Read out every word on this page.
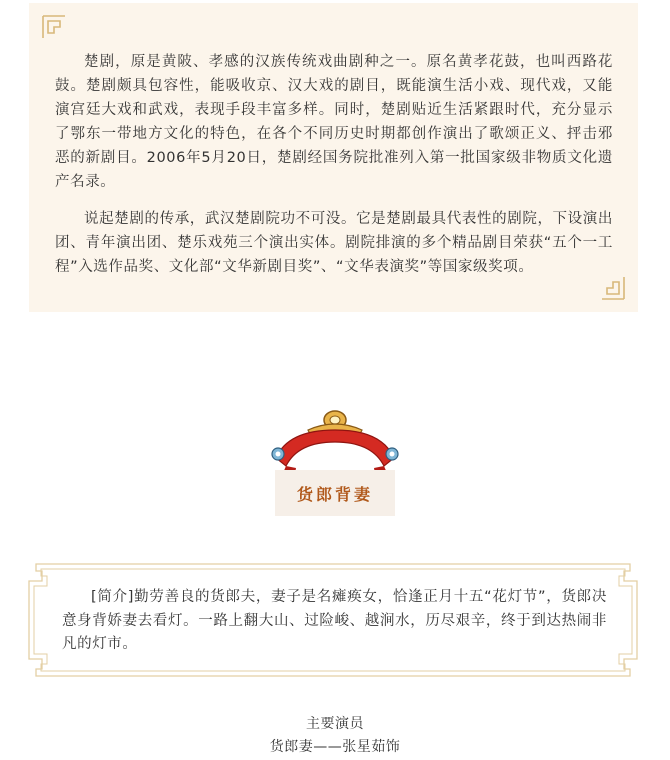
楚剧，原是黄陂、孝感的汉族传统戏曲剧种之一。原名黄孝花鼓，也叫西路花鼓。楚剧颇具包容性，能吸收京、汉大戏的剧目，既能演生活小戏、现代戏，又能演宫廷大戏和武戏，表现手段丰富多样。同时，楚剧贴近生活紧跟时代，充分显示了鄂东一带地方文化的特色，在各个不同历史时期都创作演出了歌颂正义、抨击邪恶的新剧目。2006年5月20日，楚剧经国务院批准列入第一批国家级非物质文化遗产名录。

说起楚剧的传承，武汉楚剧院功不可没。它是楚剧最具代表性的剧院，下设演出团、青年演出团、楚乐戏苑三个演出实体。剧院排演的多个精品剧目荣获“五个一工程”入选作品奖、文化部“文华新剧目奖”、“文华表演奖”等国家级奖项。

货郎背妻

[简介]勤劳善良的货郎夫，妻子是名瘫痪女，恰逢正月十五“花灯节”，货郎决意身背娇妻去看灯。一路上翻大山、过险峻、越涧水，历尽艰辛，终于到达热闹非凡的灯市。

主要演员
货郎妻——张星茹饰
